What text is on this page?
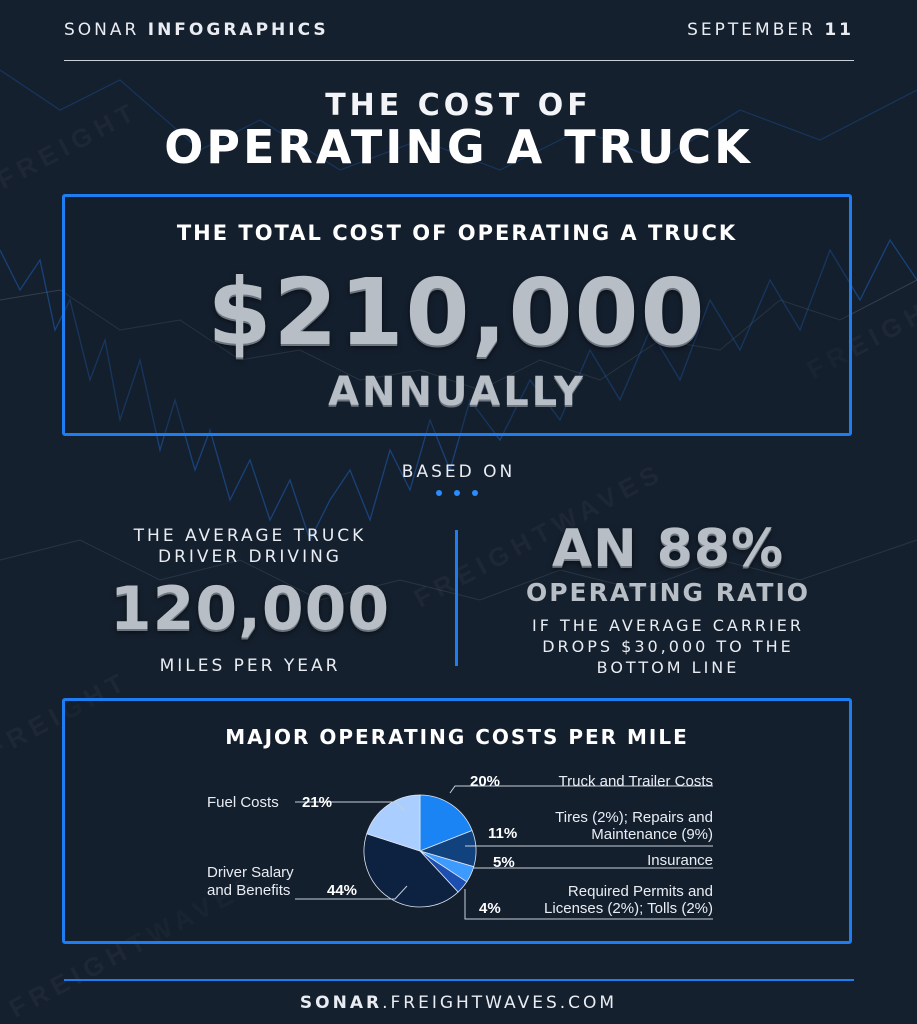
SONAR INFOGRAPHICS	SEPTEMBER 11
THE COST OF
OPERATING A TRUCK
THE TOTAL COST OF OPERATING A TRUCK
$210,000
ANNUALLY
BASED ON
THE AVERAGE TRUCK
DRIVER DRIVING
120,000
MILES PER YEAR
AN 88%
OPERATING RATIO
IF THE AVERAGE CARRIER
DROPS $30,000 TO THE
BOTTOM LINE
MAJOR OPERATING COSTS PER MILE
Fuel Costs 21%
Driver Salary
and Benefits 44%
20%	Truck and Trailer Costs
11%
Tires (2%); Repairs and
Maintenance (9%)
5%	Insurance
4%
Required Permits and
Licenses (2%); Tolls (2%)
SONAR.FREIGHTWAVES.COM
